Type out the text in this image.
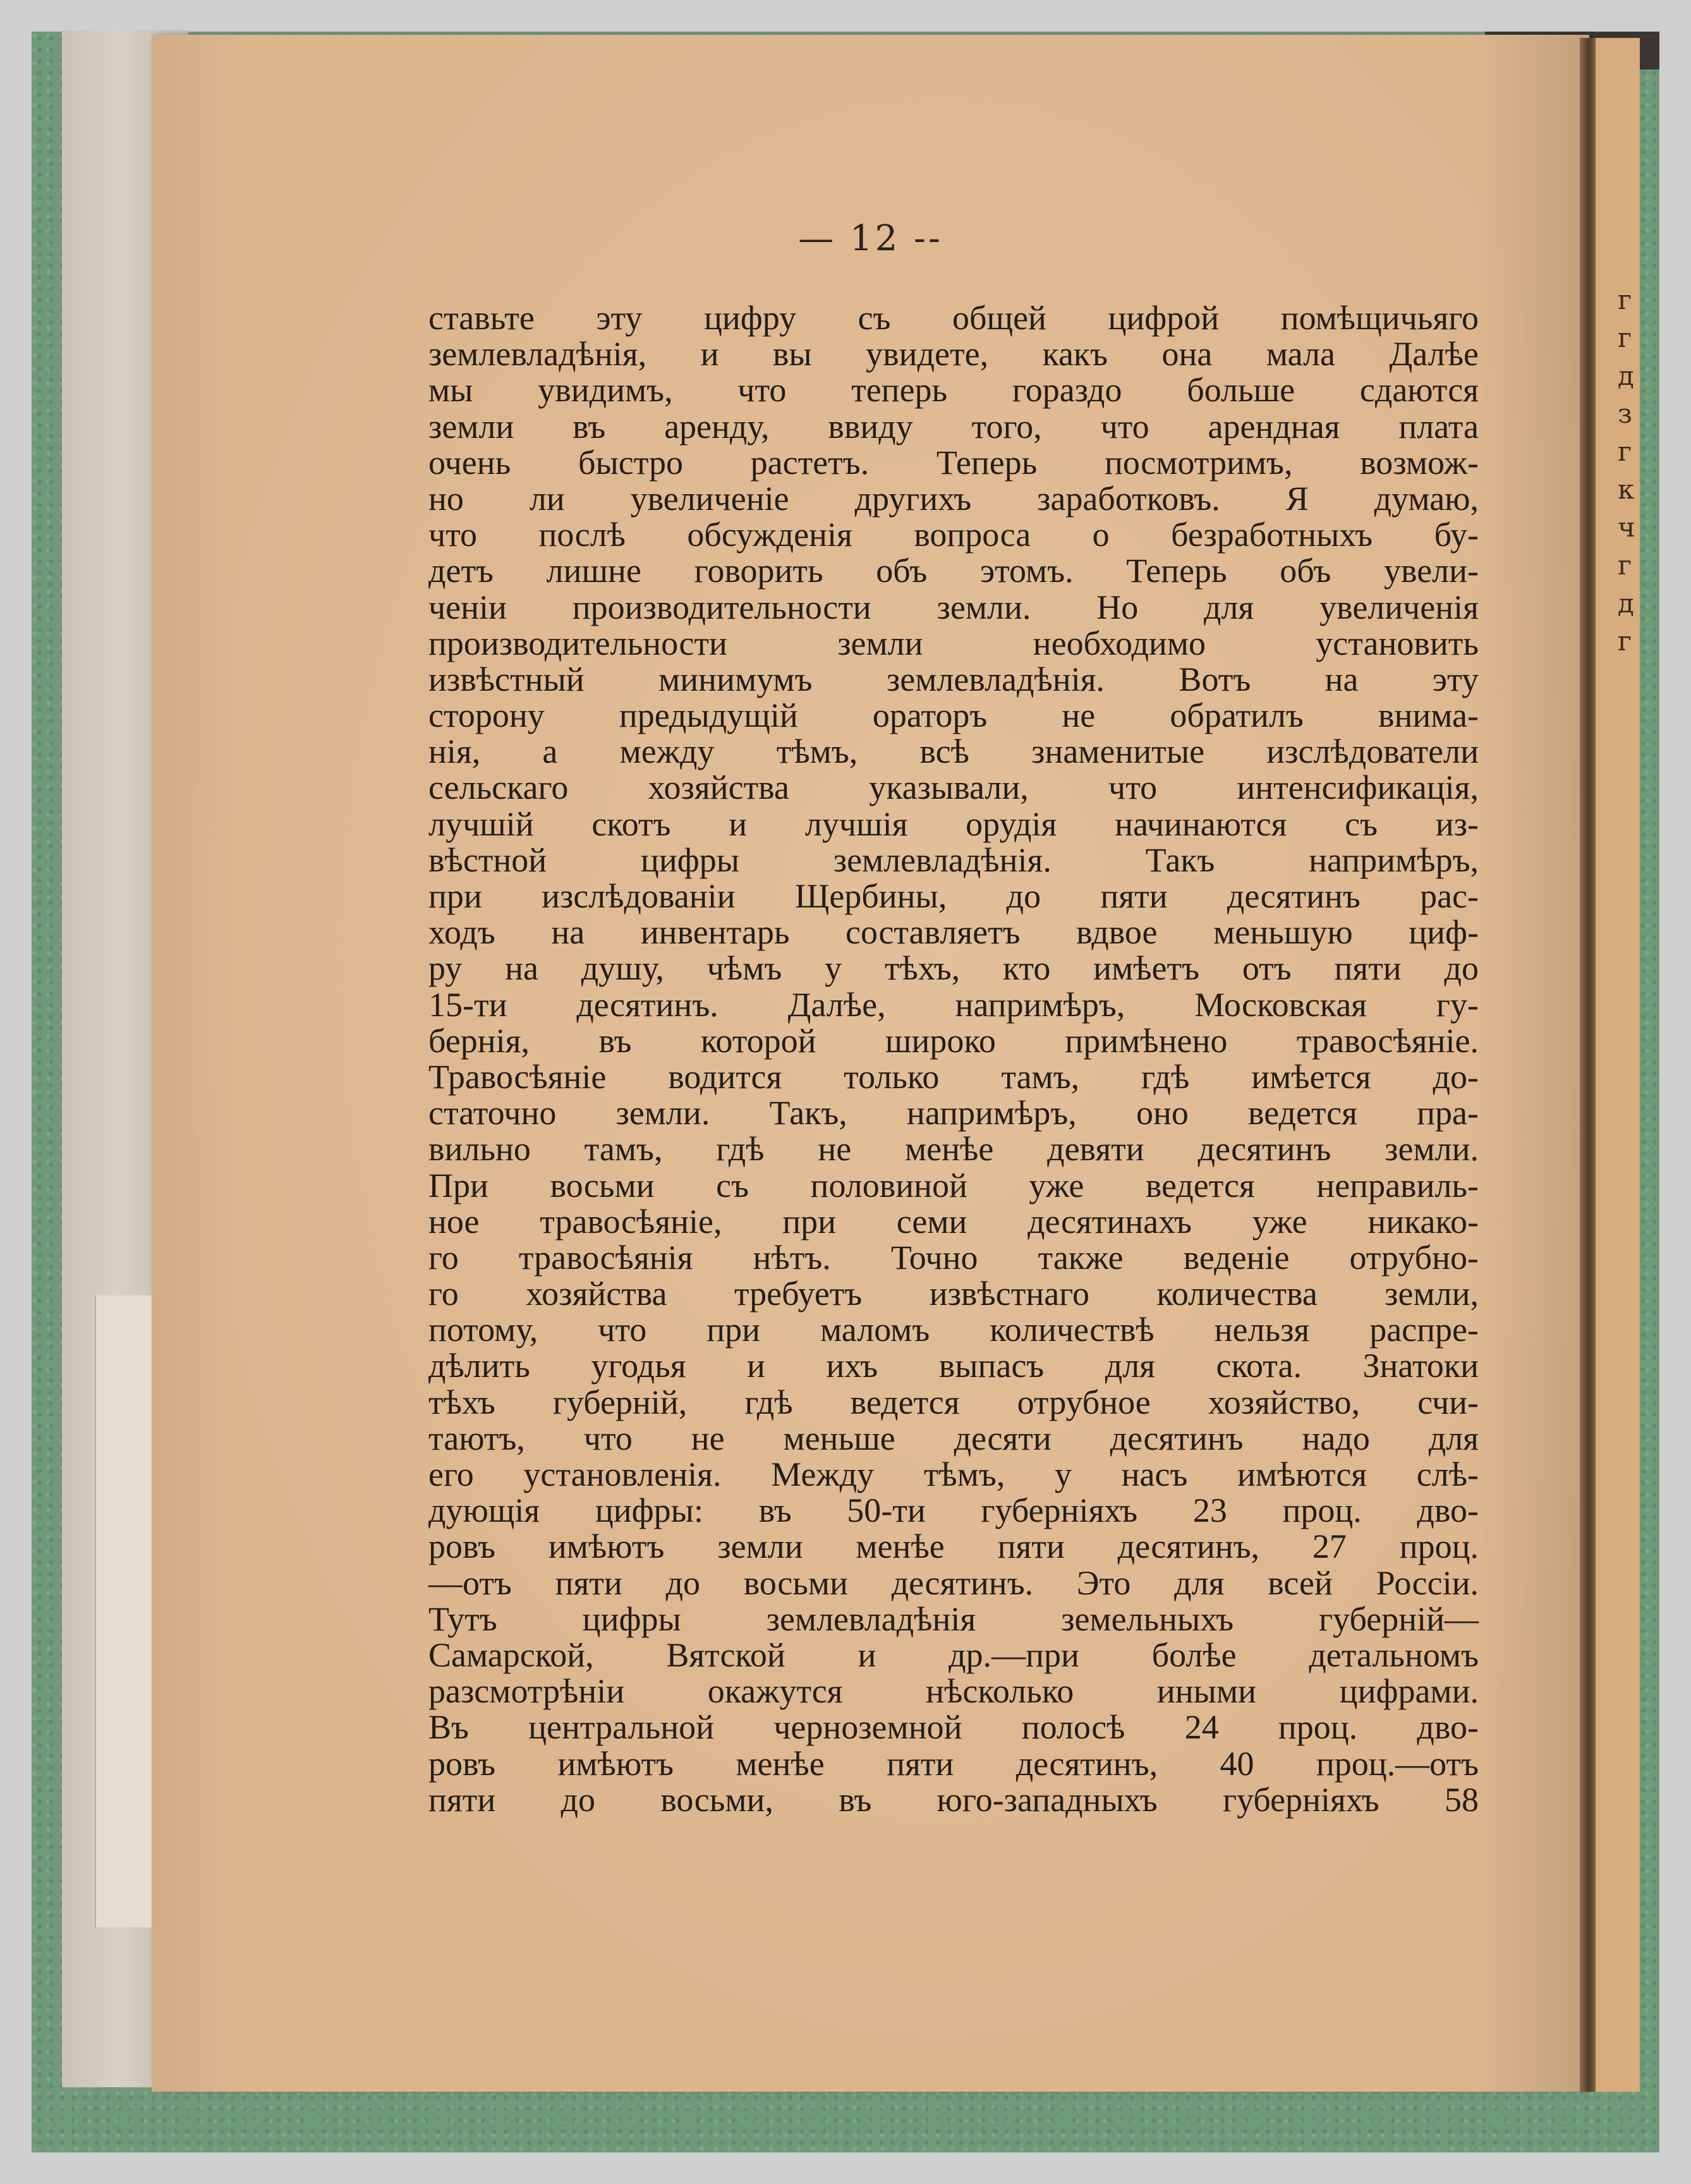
— 12 --
ставьте эту цифру съ общей цифрой помѣщичьяго
землевладѣнія, и вы увидете, какъ она мала Далѣе
мы увидимъ, что теперь гораздо больше сдаются
земли въ аренду, ввиду того, что арендная плата
очень быстро растетъ. Теперь посмотримъ, возмож-
но ли увеличеніе другихъ заработковъ. Я думаю,
что послѣ обсужденія вопроса о безработныхъ бу-
детъ лишне говорить объ этомъ. Теперь объ увели-
ченіи производительности земли. Но для увеличенія
производительности земли необходимо установить
извѣстный минимумъ землевладѣнія. Вотъ на эту
сторону предыдущій ораторъ не обратилъ внима-
нія, а между тѣмъ, всѣ знаменитые изслѣдователи
сельскаго хозяйства указывали, что интенсификація,
лучшій скотъ и лучшія орудія начинаются съ из-
вѣстной цифры землевладѣнія. Такъ напримѣръ,
при изслѣдованіи Щербины, до пяти десятинъ рас-
ходъ на инвентарь составляетъ вдвое меньшую циф-
ру на душу, чѣмъ у тѣхъ, кто имѣетъ отъ пяти до
15-ти десятинъ. Далѣе, напримѣръ, Московская гу-
бернія, въ которой широко примѣнено травосѣяніе.
Травосѣяніе водится только тамъ, гдѣ имѣется до-
статочно земли. Такъ, напримѣръ, оно ведется пра-
вильно тамъ, гдѣ не менѣе девяти десятинъ земли.
При восьми съ половиной уже ведется неправиль-
ное травосѣяніе, при семи десятинахъ уже никако-
го травосѣянія нѣтъ. Точно также веденіе отрубно-
го хозяйства требуетъ извѣстнаго количества земли,
потому, что при маломъ количествѣ нельзя распре-
дѣлить угодья и ихъ выпасъ для скота. Знатоки
тѣхъ губерній, гдѣ ведется отрубное хозяйство, счи-
таютъ, что не меньше десяти десятинъ надо для
его установленія. Между тѣмъ, у насъ имѣются слѣ-
дующія цифры: въ 50-ти губерніяхъ 23 проц. дво-
ровъ имѣютъ земли менѣе пяти десятинъ, 27 проц.
—отъ пяти до восьми десятинъ. Это для всей Россіи.
Тутъ цифры землевладѣнія земельныхъ губерній—
Самарской, Вятской и др.—при болѣе детальномъ
разсмотрѣніи окажутся нѣсколько иными цифрами.
Въ центральной черноземной полосѣ 24 проц. дво-
ровъ имѣютъ менѣе пяти десятинъ, 40 проц.—отъ
пяти до восьми, въ юго-западныхъ губерніяхъ 58
г
г
д
з
г
к
ч
г
д
г
